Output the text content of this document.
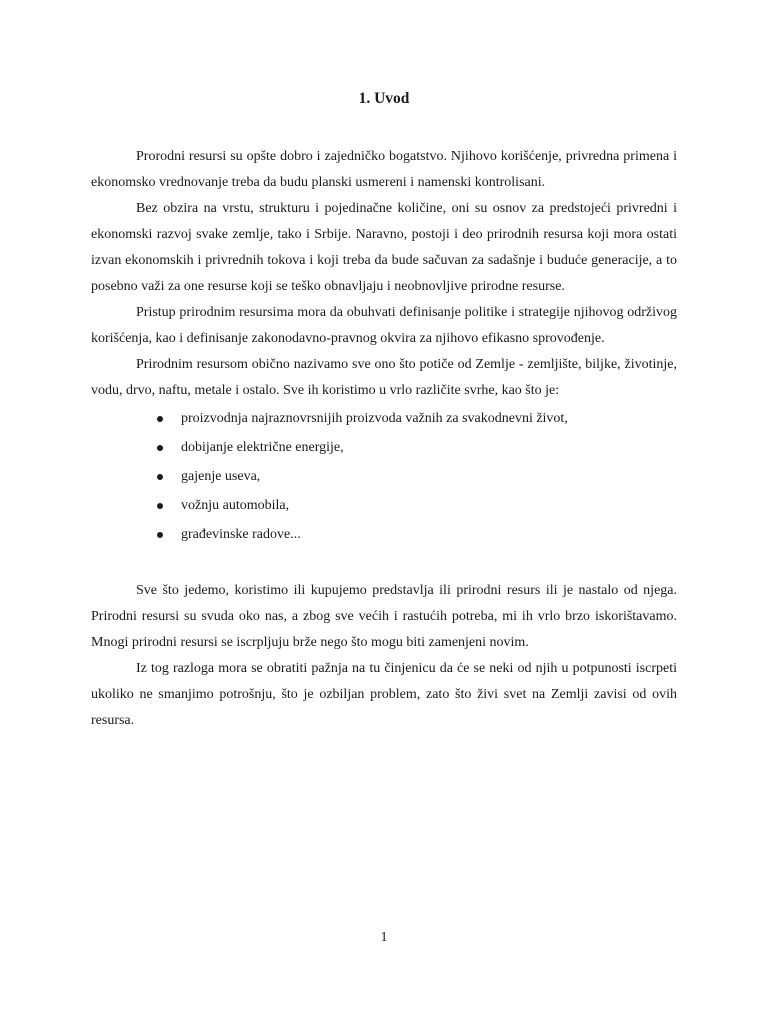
1. Uvod

Prorodni resursi su opšte dobro i zajedničko bogatstvo. Njihovo korišćenje, privredna primena i ekonomsko vrednovanje treba da budu planski usmereni i namenski kontrolisani.

Bez obzira na vrstu, strukturu i pojedinačne količine, oni su osnov za predstojeći privredni i ekonomski razvoj svake zemlje, tako i Srbije. Naravno, postoji i deo prirodnih resursa koji mora ostati izvan ekonomskih i privrednih tokova i koji treba da bude sačuvan za sadašnje i buduće generacije, a to posebno važi za one resurse koji se teško obnavljaju i neobnovljive prirodne resurse.

Pristup prirodnim resursima mora da obuhvati definisanje politike i strategije njihovog održivog korišćenja, kao i definisanje zakonodavno-pravnog okvira za njihovo efikasno sprovođenje.

Prirodnim resursom obično nazivamo sve ono što potiče od Zemlje - zemljište, biljke, životinje, vodu, drvo, naftu, metale i ostalo. Sve ih koristimo u vrlo različite svrhe, kao što je:

proizvodnja najraznovrsnijih proizvoda važnih za svakodnevni život,
dobijanje električne energije,
gajenje useva,
vožnju automobila,
građevinske radove...

Sve što jedemo, koristimo ili kupujemo predstavlja ili prirodni resurs ili je nastalo od njega. Prirodni resursi su svuda oko nas, a zbog sve većih i rastućih potreba, mi ih vrlo brzo iskorištavamo. Mnogi prirodni resursi se iscrpljuju brže nego što mogu biti zamenjeni novim.

Iz tog razloga mora se obratiti pažnja na tu činjenicu da će se neki od njih u potpunosti iscrpeti ukoliko ne smanjimo potrošnju, što je ozbiljan problem, zato što živi svet na Zemlji zavisi od ovih resursa.

1
